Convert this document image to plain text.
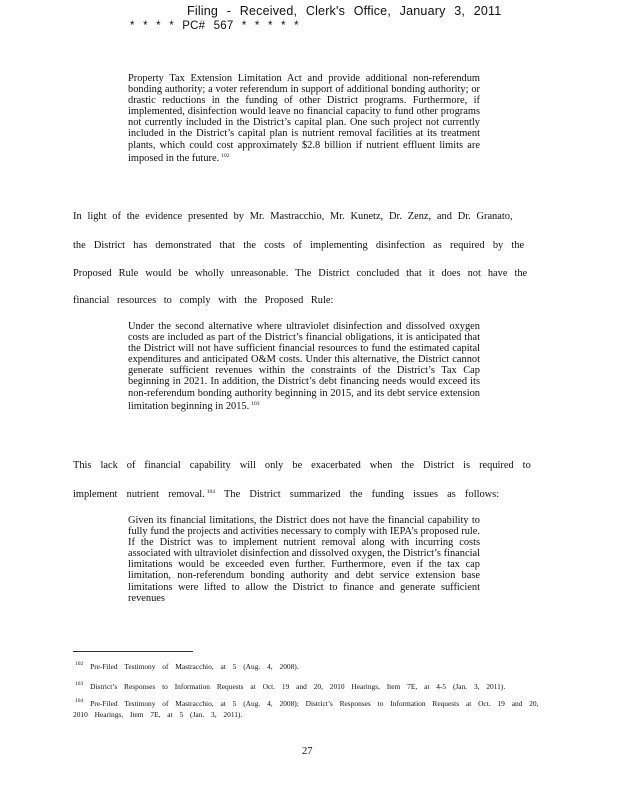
Filing - Received, Clerk's Office, January 3, 2011
* * * * PC# 567 * * * * *
Property Tax Extension Limitation Act and provide additional non-referendum bonding authority; a voter referendum in support of additional bonding authority; or drastic reductions in the funding of other District programs. Furthermore, if implemented, disinfection would leave no financial capacity to fund other programs not currently included in the District’s capital plan. One such project not currently included in the District’s capital plan is nutrient removal facilities at its treatment plants, which could cost approximately $2.8 billion if nutrient effluent limits are imposed in the future. $^{102}$
In light of the evidence presented by Mr. Mastracchio, Mr. Kunetz, Dr. Zenz, and Dr. Granato,
the District has demonstrated that the costs of implementing disinfection as required by the
Proposed Rule would be wholly unreasonable. The District concluded that it does not have the
financial resources to comply with the Proposed Rule:
Under the second alternative where ultraviolet disinfection and dissolved oxygen costs are included as part of the District’s financial obligations, it is anticipated that the District will not have sufficient financial resources to fund the estimated capital expenditures and anticipated O&M costs. Under this alternative, the District cannot generate sufficient revenues within the constraints of the District’s Tax Cap beginning in 2021. In addition, the District’s debt financing needs would exceed its non-referendum bonding authority beginning in 2015, and its debt service extension limitation beginning in 2015. $^{103}$
This lack of financial capability will only be exacerbated when the District is required to
implement nutrient removal. $^{104}$ The District summarized the funding issues as follows:
Given its financial limitations, the District does not have the financial capability to fully fund the projects and activities necessary to comply with IEPA’s proposed rule. If the District was to implement nutrient removal along with incurring costs associated with ultraviolet disinfection and dissolved oxygen, the District’s financial limitations would be exceeded even further. Furthermore, even if the tax cap limitation, non-referendum bonding authority and debt service extension base limitations were lifted to allow the District to finance and generate sufficient revenues
$^{102}$ Pre-Filed Testimony of Mastracchio, at 5 (Aug. 4, 2008).
$^{103}$ District’s Responses to Information Requests at Oct. 19 and 20, 2010 Hearings, Item 7E, at 4-5 (Jan. 3, 2011).
$^{104}$ Pre-Filed Testimony of Mastracchio, at 5 (Aug. 4, 2008); District’s Responses to Information Requests at Oct. 19 and 20, 2010 Hearings, Item 7E, at 5 (Jan. 3, 2011).
27
